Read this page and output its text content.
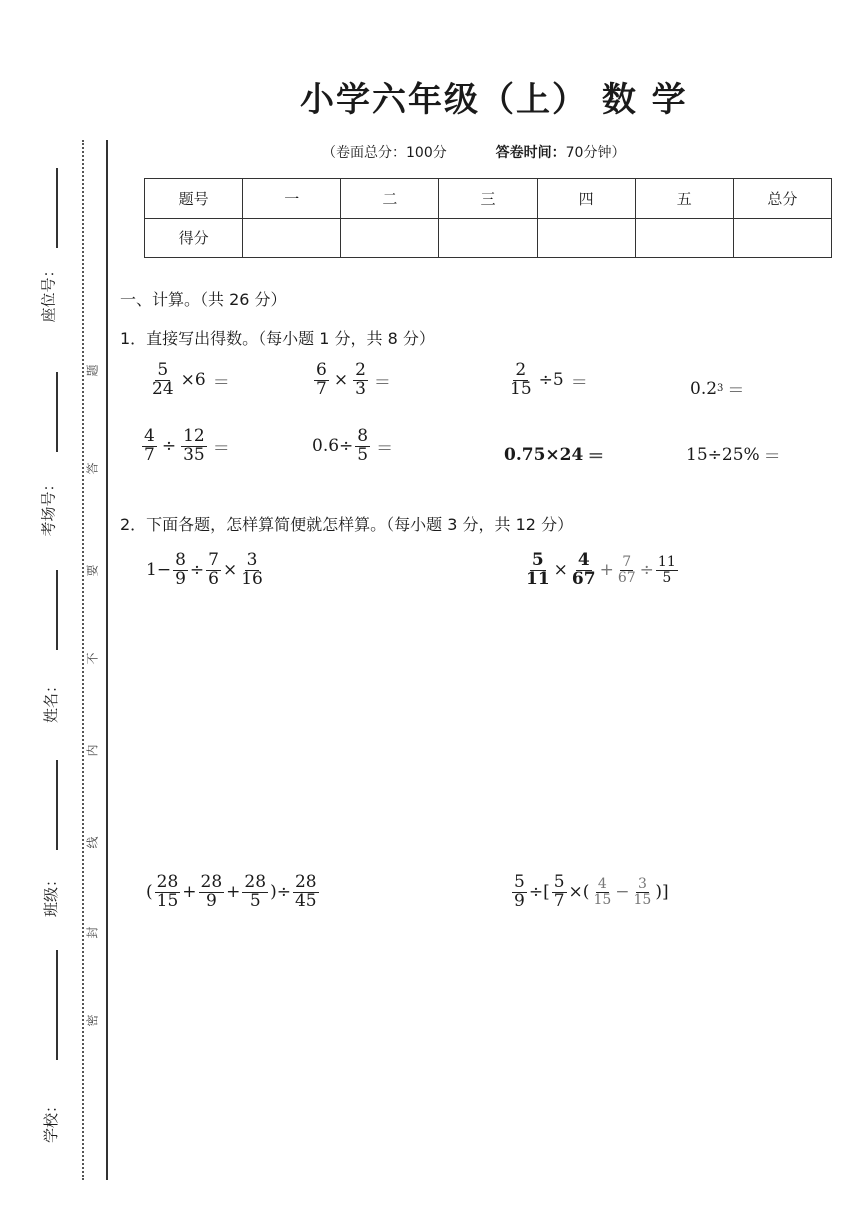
小学六年级（上） 数 学
（卷面总分：100分	答卷时间：70分钟）
题号	一	二	三	四	五	总分
得分						
座位号：
考场号：
姓名：
班级：
学校：
题
答
要
不
内
线
封
密
一、计算。（共 26 分）
1．直接写出得数。（每小题 1 分，共 8 分）
$\frac{5}{24} \times 6$ ＝	$\frac{6}{7} \times \frac{2}{3}$ ＝	$\frac{2}{15} \div 5$ ＝	0.2 3 ＝
$\frac{4}{7} \div \frac{12}{35}$ ＝	$0.6\div \frac{8}{5}$ ＝	0.75×24 ＝	15÷25% ＝
2．下面各题，怎样算简便就怎样算。（每小题 3 分，共 12 分）
$1- \frac{8}{9} \div \frac{7}{6} \times \frac{3}{16}$	$\frac{5}{11} \times \frac{4}{67} + \frac{7}{67} \div \frac{11}{5}$
( $\frac{28}{15} + \frac{28}{9} + \frac{28}{5}$ )÷ $\frac{28}{45}$	$\frac{5}{9}$ ÷[ $\frac{5}{7}$ ×( $\frac{4}{15} - \frac{3}{15}$ )]
